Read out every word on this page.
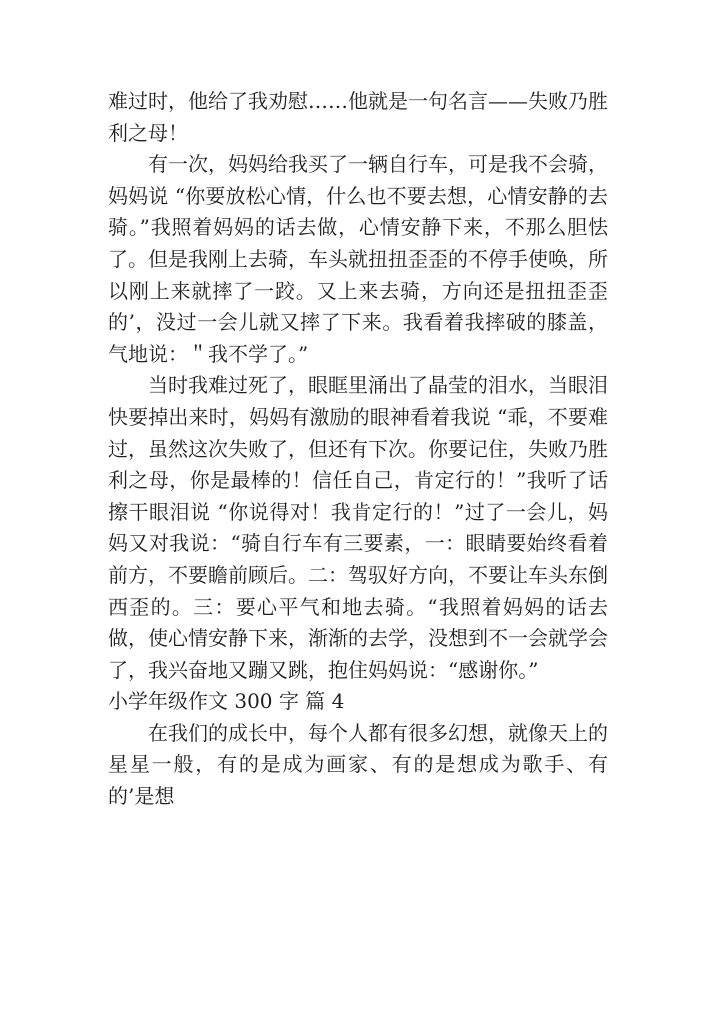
难过时，他给了我劝慰……他就是一句名言——失败乃胜利之母！

有一次，妈妈给我买了一辆自行车，可是我不会骑，妈妈说 “你要放松心情，什么也不要去想，心情安静的去骑。”我照着妈妈的话去做，心情安静下来，不那么胆怯 了。但是我刚上去骑，车头就扭扭歪歪的不停手使唤，所以刚上来就摔了一跤。又上来去骑，方向还是扭扭歪歪的’，没过一会儿就又摔了下来。我看着我摔破的膝盖，气地说：＂我不学了。”

当时我难过死了，眼眶里涌出了晶莹的泪水，当眼泪快要掉出来时，妈妈有激励的眼神看着我说 “乖，不要难过，虽然这次失败了，但还有下次。你要记住，失败乃胜利之母，你是最棒的！信任自己，肯定行的！”我听了话擦干眼泪说 “你说得对！我肯定行的！”过了一会儿，妈妈又对我说：“骑自行车有三要素，一：眼睛要始终看着前方，不要瞻前顾后。二：驾驭好方向，不要让车头东倒西歪的。三：要心平气和地去骑。“我照着妈妈的话去做，使心情安静下来，渐渐的去学，没想到不一会就学会了，我兴奋地又蹦又跳，抱住妈妈说：“感谢你。”

小学年级作文 300 字 篇 4

在我们的成长中，每个人都有很多幻想，就像天上的星星一般，有的是成为画家、有的是想成为歌手、有的’是想
